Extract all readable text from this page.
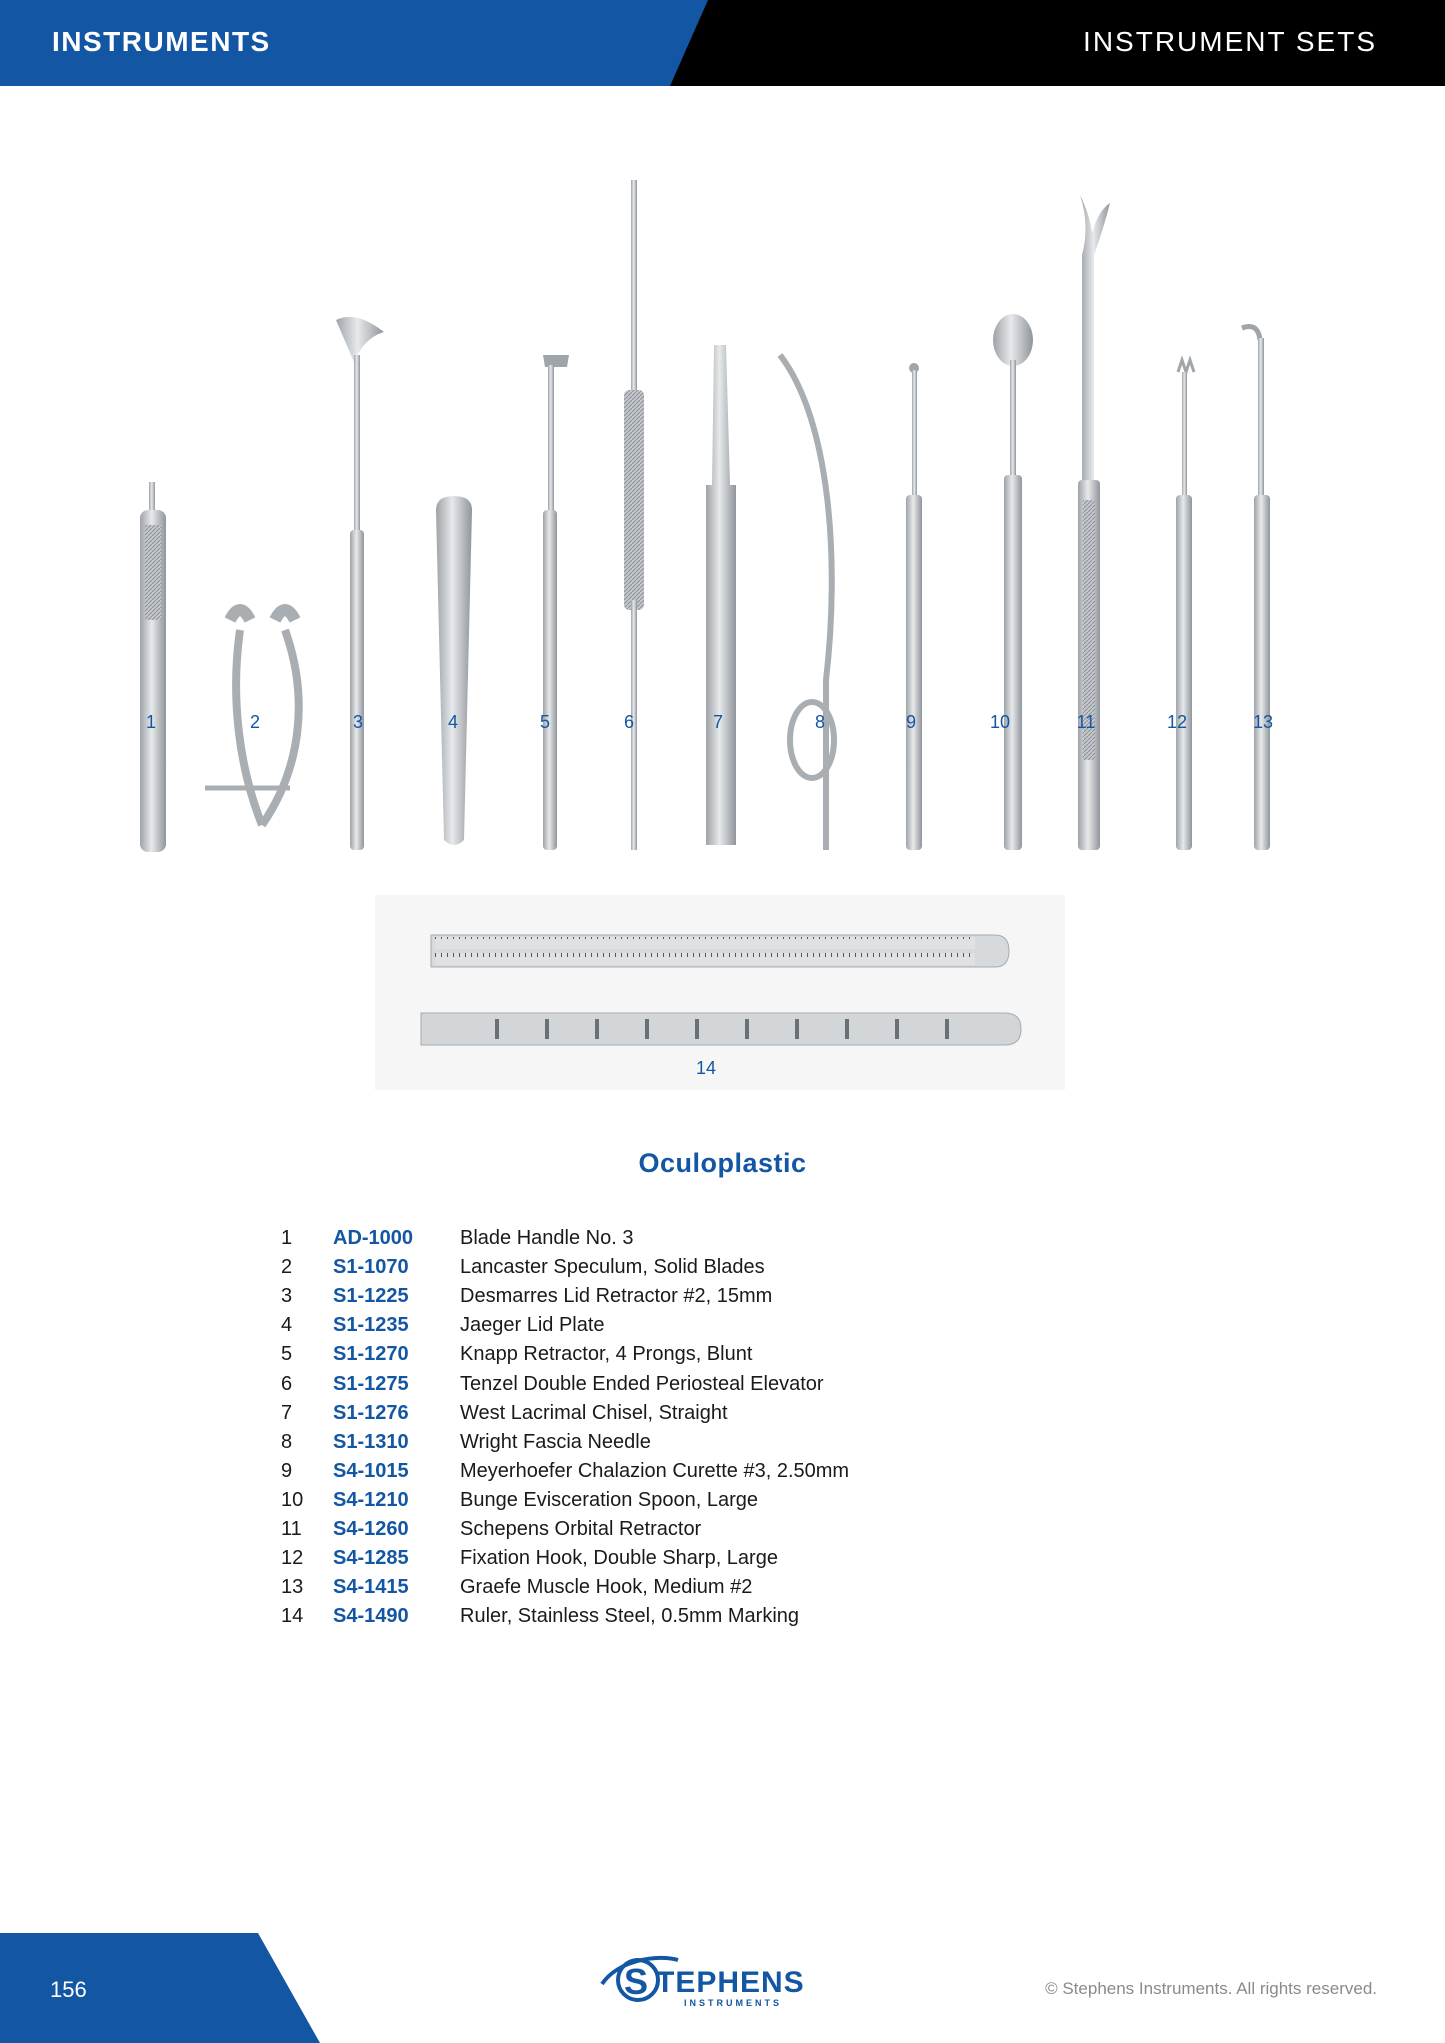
INSTRUMENTS	INSTRUMENT SETS
1	2	3	4	5	6	7	8	9	10	11	12	13
14
Oculoplastic
1	AD-1000	Blade Handle No. 3
2	S1-1070	Lancaster Speculum, Solid Blades
3	S1-1225	Desmarres Lid Retractor #2, 15mm
4	S1-1235	Jaeger Lid Plate
5	S1-1270	Knapp Retractor, 4 Prongs, Blunt
6	S1-1275	Tenzel Double Ended Periosteal Elevator
7	S1-1276	West Lacrimal Chisel, Straight
8	S1-1310	Wright Fascia Needle
9	S4-1015	Meyerhoefer Chalazion Curette #3, 2.50mm
10	S4-1210	Bunge Evisceration Spoon, Large
11	S4-1260	Schepens Orbital Retractor
12	S4-1285	Fixation Hook, Double Sharp, Large
13	S4-1415	Graefe Muscle Hook, Medium #2
14	S4-1490	Ruler, Stainless Steel, 0.5mm Marking
156	S TEPHENS
INSTRUMENTS
© Stephens Instruments. All rights reserved.
